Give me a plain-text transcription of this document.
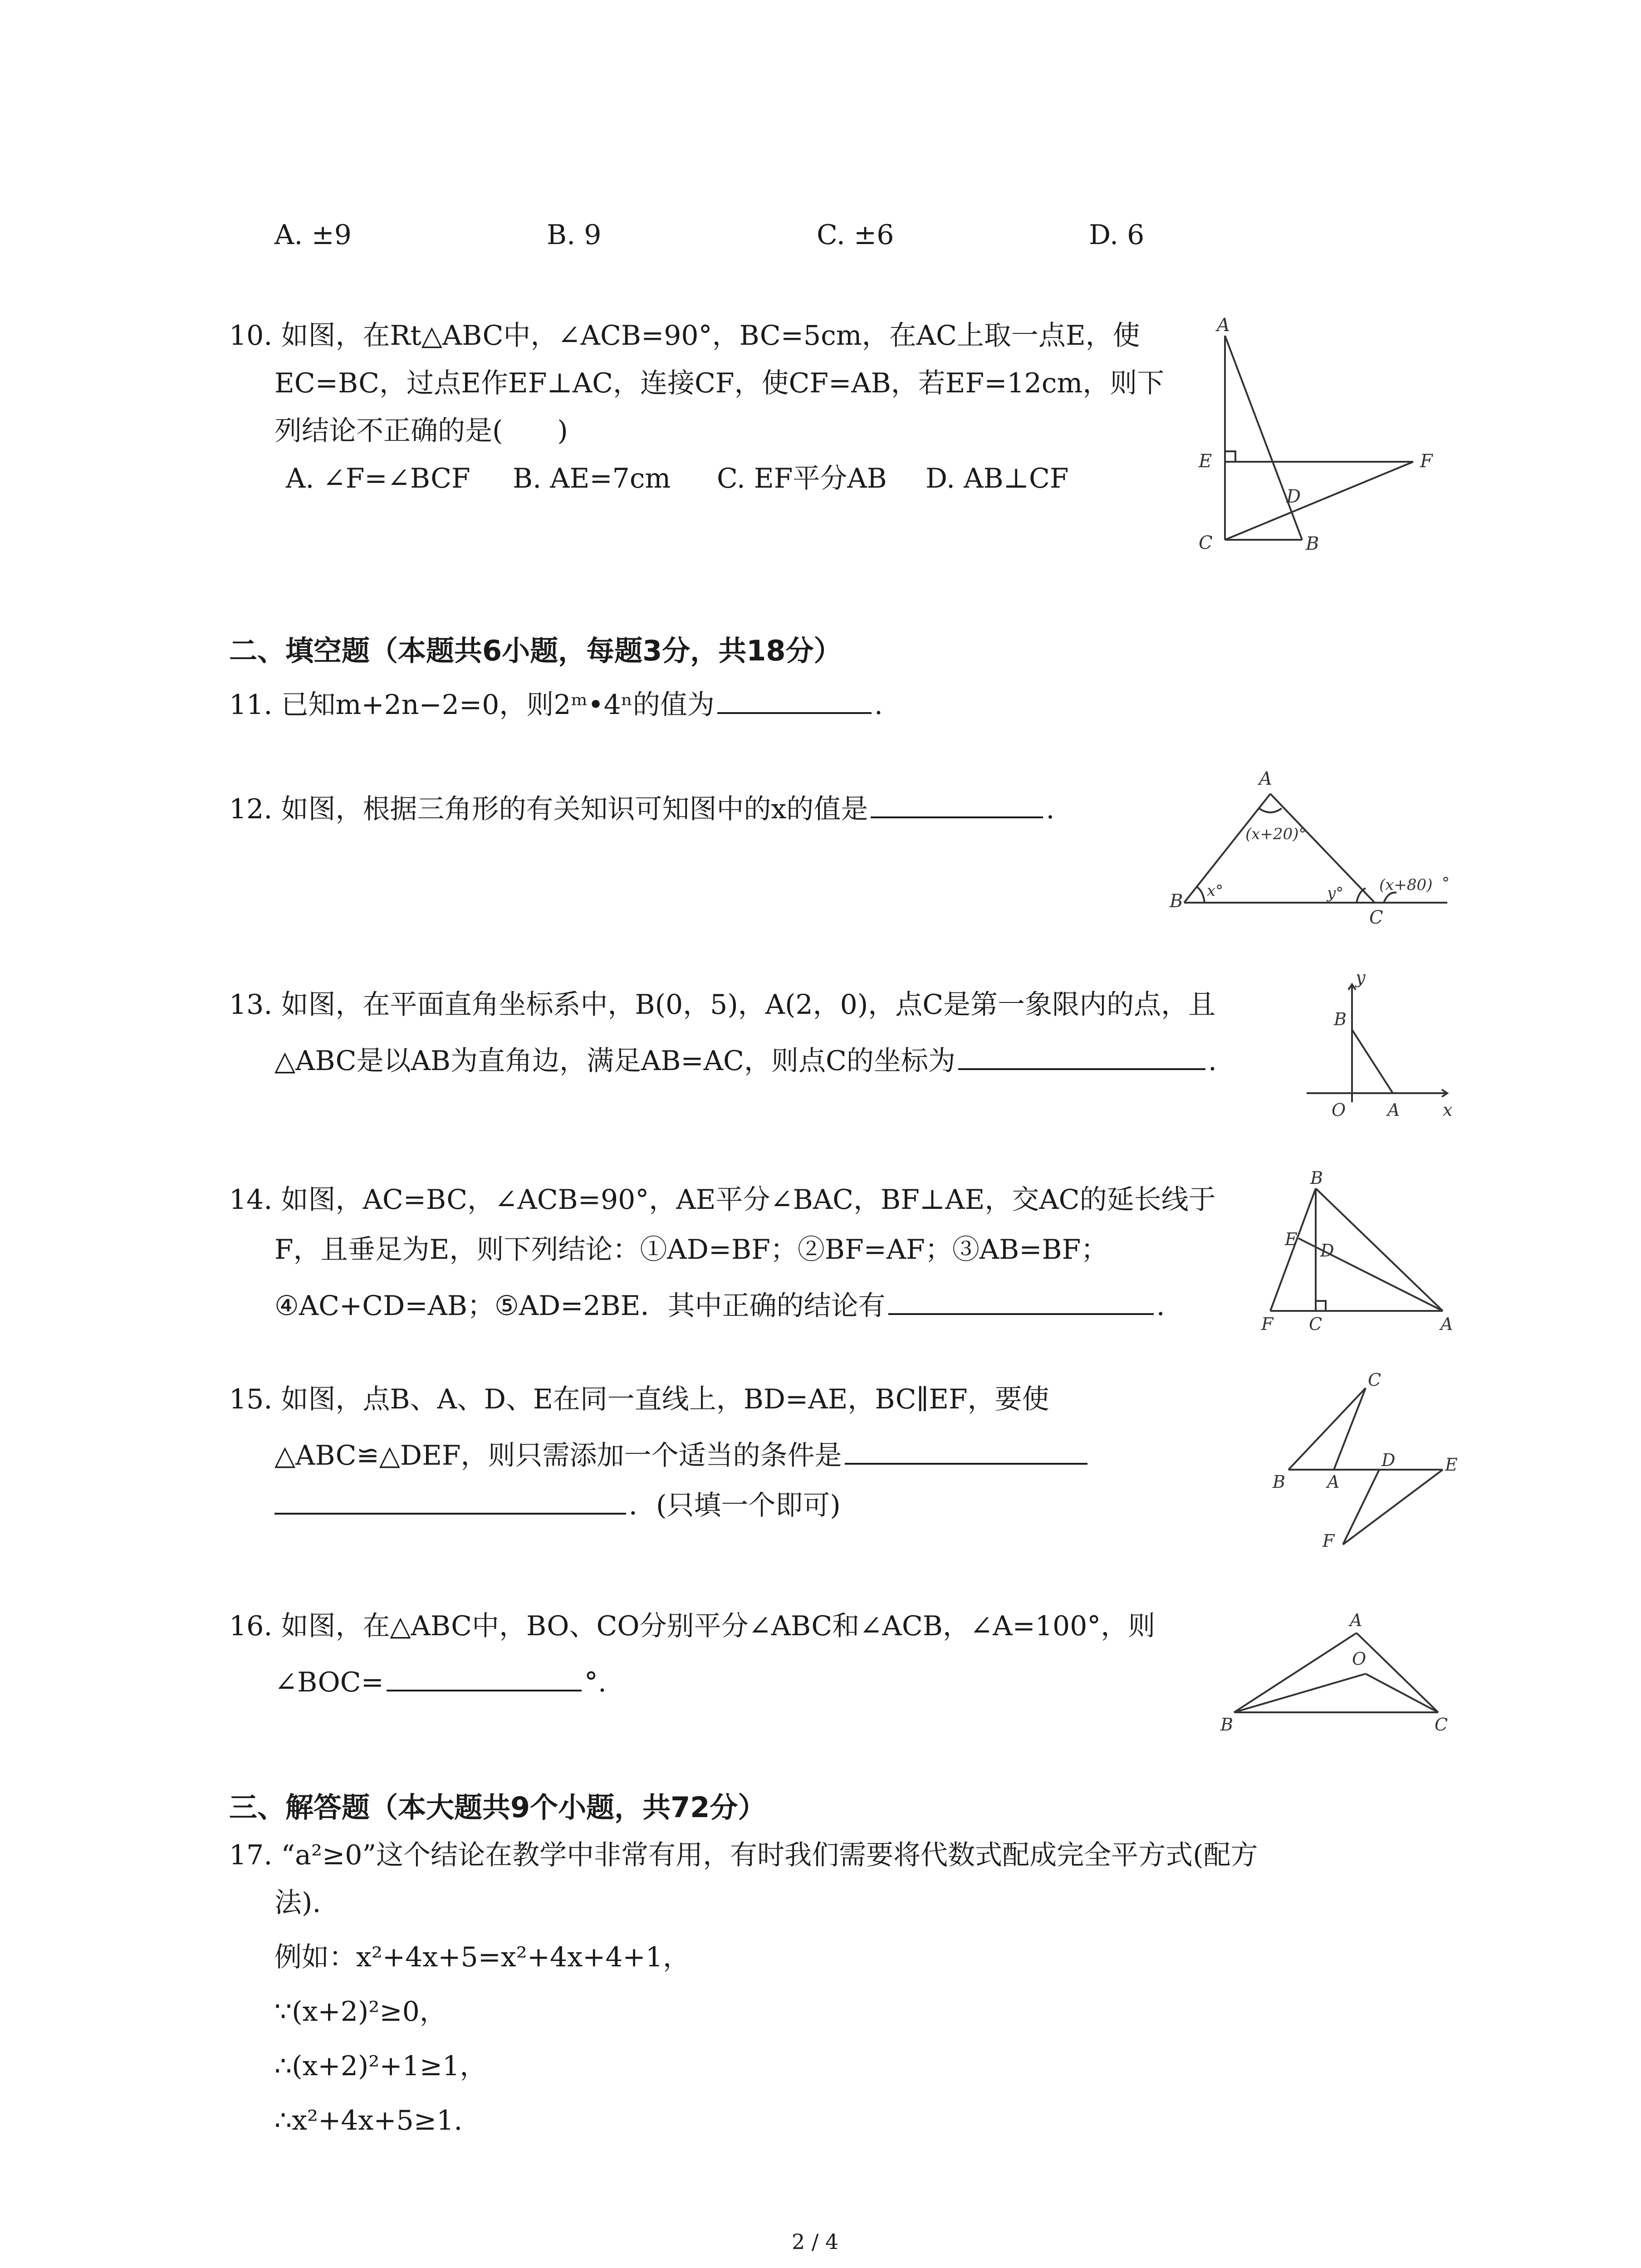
A. ±9	B. 9	C. ±6	D. 6
10. 如图，在Rt△ABC中，∠ACB=90°，BC=5cm，在AC上取一点E，使
EC=BC，过点E作EF⊥AC，连接CF，使CF=AB，若EF=12cm，则下
列结论不正确的是(　　)
A. ∠F=∠BCF B. AE=7cm C. EF平分AB D. AB⊥CF
A
E	F
D
C	B
二、填空题（本题共6小题，每题3分，共18分）
11. 已知m+2n−2=0，则2ᵐ•4ⁿ的值为	.
12. 如图，根据三角形的有关知识可知图中的x的值是	.
A
B
C
(x+20)°
x°	y° (x+80) °
13. 如图，在平面直角坐标系中，B(0，5)，A(2，0)，点C是第一象限内的点，且
△ABC是以AB为直角边，满足AB=AC，则点C的坐标为	.
y
B
O A x
14. 如图，AC=BC，∠ACB=90°，AE平分∠BAC，BF⊥AE，交AC的延长线于
F，且垂足为E，则下列结论：①AD=BF；②BF=AF；③AB=BF；
④AC+CD=AB；⑤AD=2BE．其中正确的结论有	.
B
E
D
F C	A
15. 如图，点B、A、D、E在同一直线上，BD=AE，BC∥EF，要使
△ABC≌△DEF，则只需添加一个适当的条件是
．(只填一个即可)
C
B A
D	E
F
16. 如图，在△ABC中，BO、CO分别平分∠ABC和∠ACB，∠A=100°，则
∠BOC=	°.
A
O
B	C
三、解答题（本大题共9个小题，共72分）
17. “a²≥0”这个结论在教学中非常有用，有时我们需要将代数式配成完全平方式(配方
法).
例如：x²+4x+5=x²+4x+4+1，
∵(x+2)²≥0，
∴(x+2)²+1≥1，
∴x²+4x+5≥1.
2 / 4
